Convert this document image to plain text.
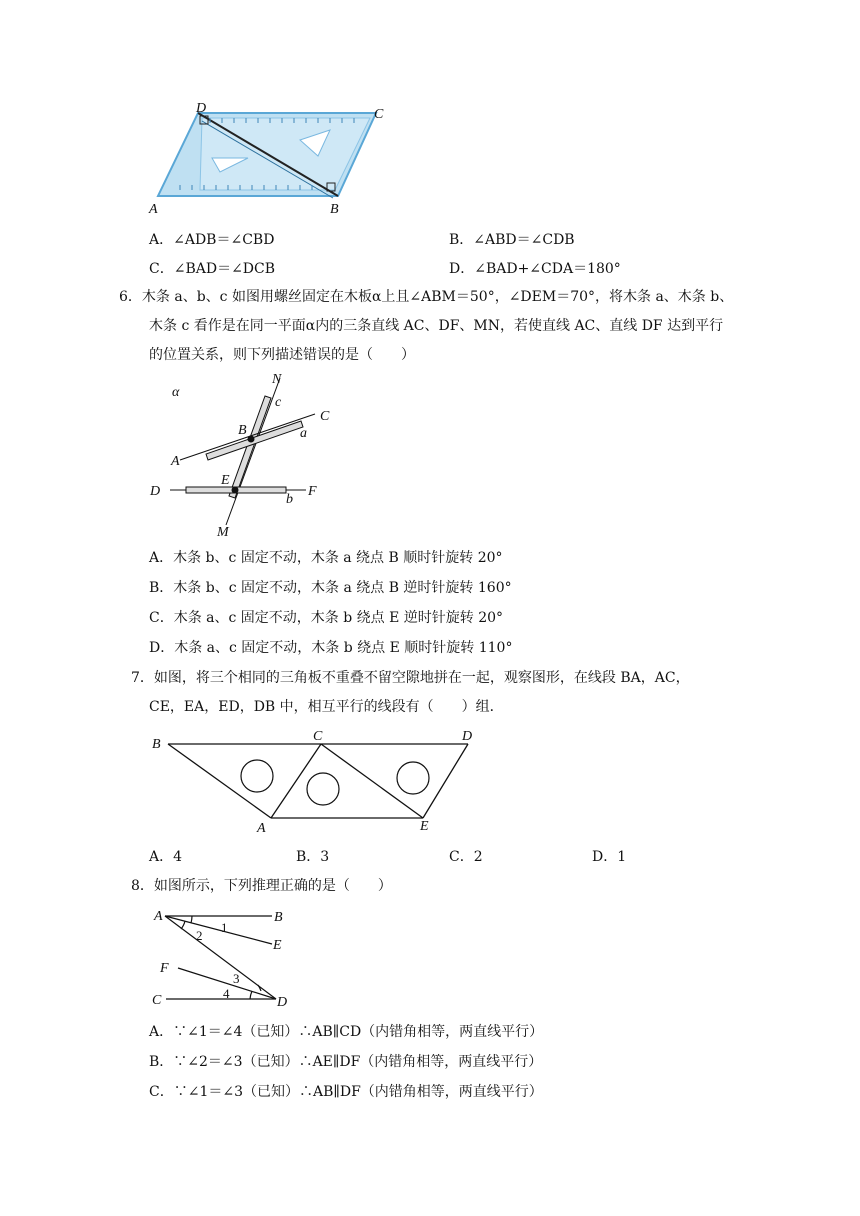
D	C
A	B
A．∠ADB＝∠CBD	B．∠ABD＝∠CDB
C．∠BAD＝∠DCB	D．∠BAD+∠CDA＝180°
6．木条 a、b、c 如图用螺丝固定在木板α上且∠ABM＝50°，∠DEM＝70°，将木条 a、木条 b、
木条 c 看作是在同一平面α内的三条直线 AC、DF、MN，若使直线 AC、直线 DF 达到平行
的位置关系，则下列描述错误的是（　　）
α
N
c
C
B	a
A
E
D	F
b
M
A．木条 b、c 固定不动，木条 a 绕点 B 顺时针旋转 20°
B．木条 b、c 固定不动，木条 a 绕点 B 逆时针旋转 160°
C．木条 a、c 固定不动，木条 b 绕点 E 逆时针旋转 20°
D．木条 a、c 固定不动，木条 b 绕点 E 顺时针旋转 110°
7．如图，将三个相同的三角板不重叠不留空隙地拼在一起，观察图形，在线段 BA，AC，
CE，EA，ED，DB 中，相互平行的线段有（　　）组．
B
C	D
A	E
A．4	B．3	C．2	D．1
8．如图所示，下列推理正确的是（　　）
A	B
1
2
E
F
3
C	4
D
A．∵∠1＝∠4（已知）∴AB∥CD（内错角相等，两直线平行）
B．∵∠2＝∠3（已知）∴AE∥DF（内错角相等，两直线平行）
C．∵∠1＝∠3（已知）∴AB∥DF（内错角相等，两直线平行）
